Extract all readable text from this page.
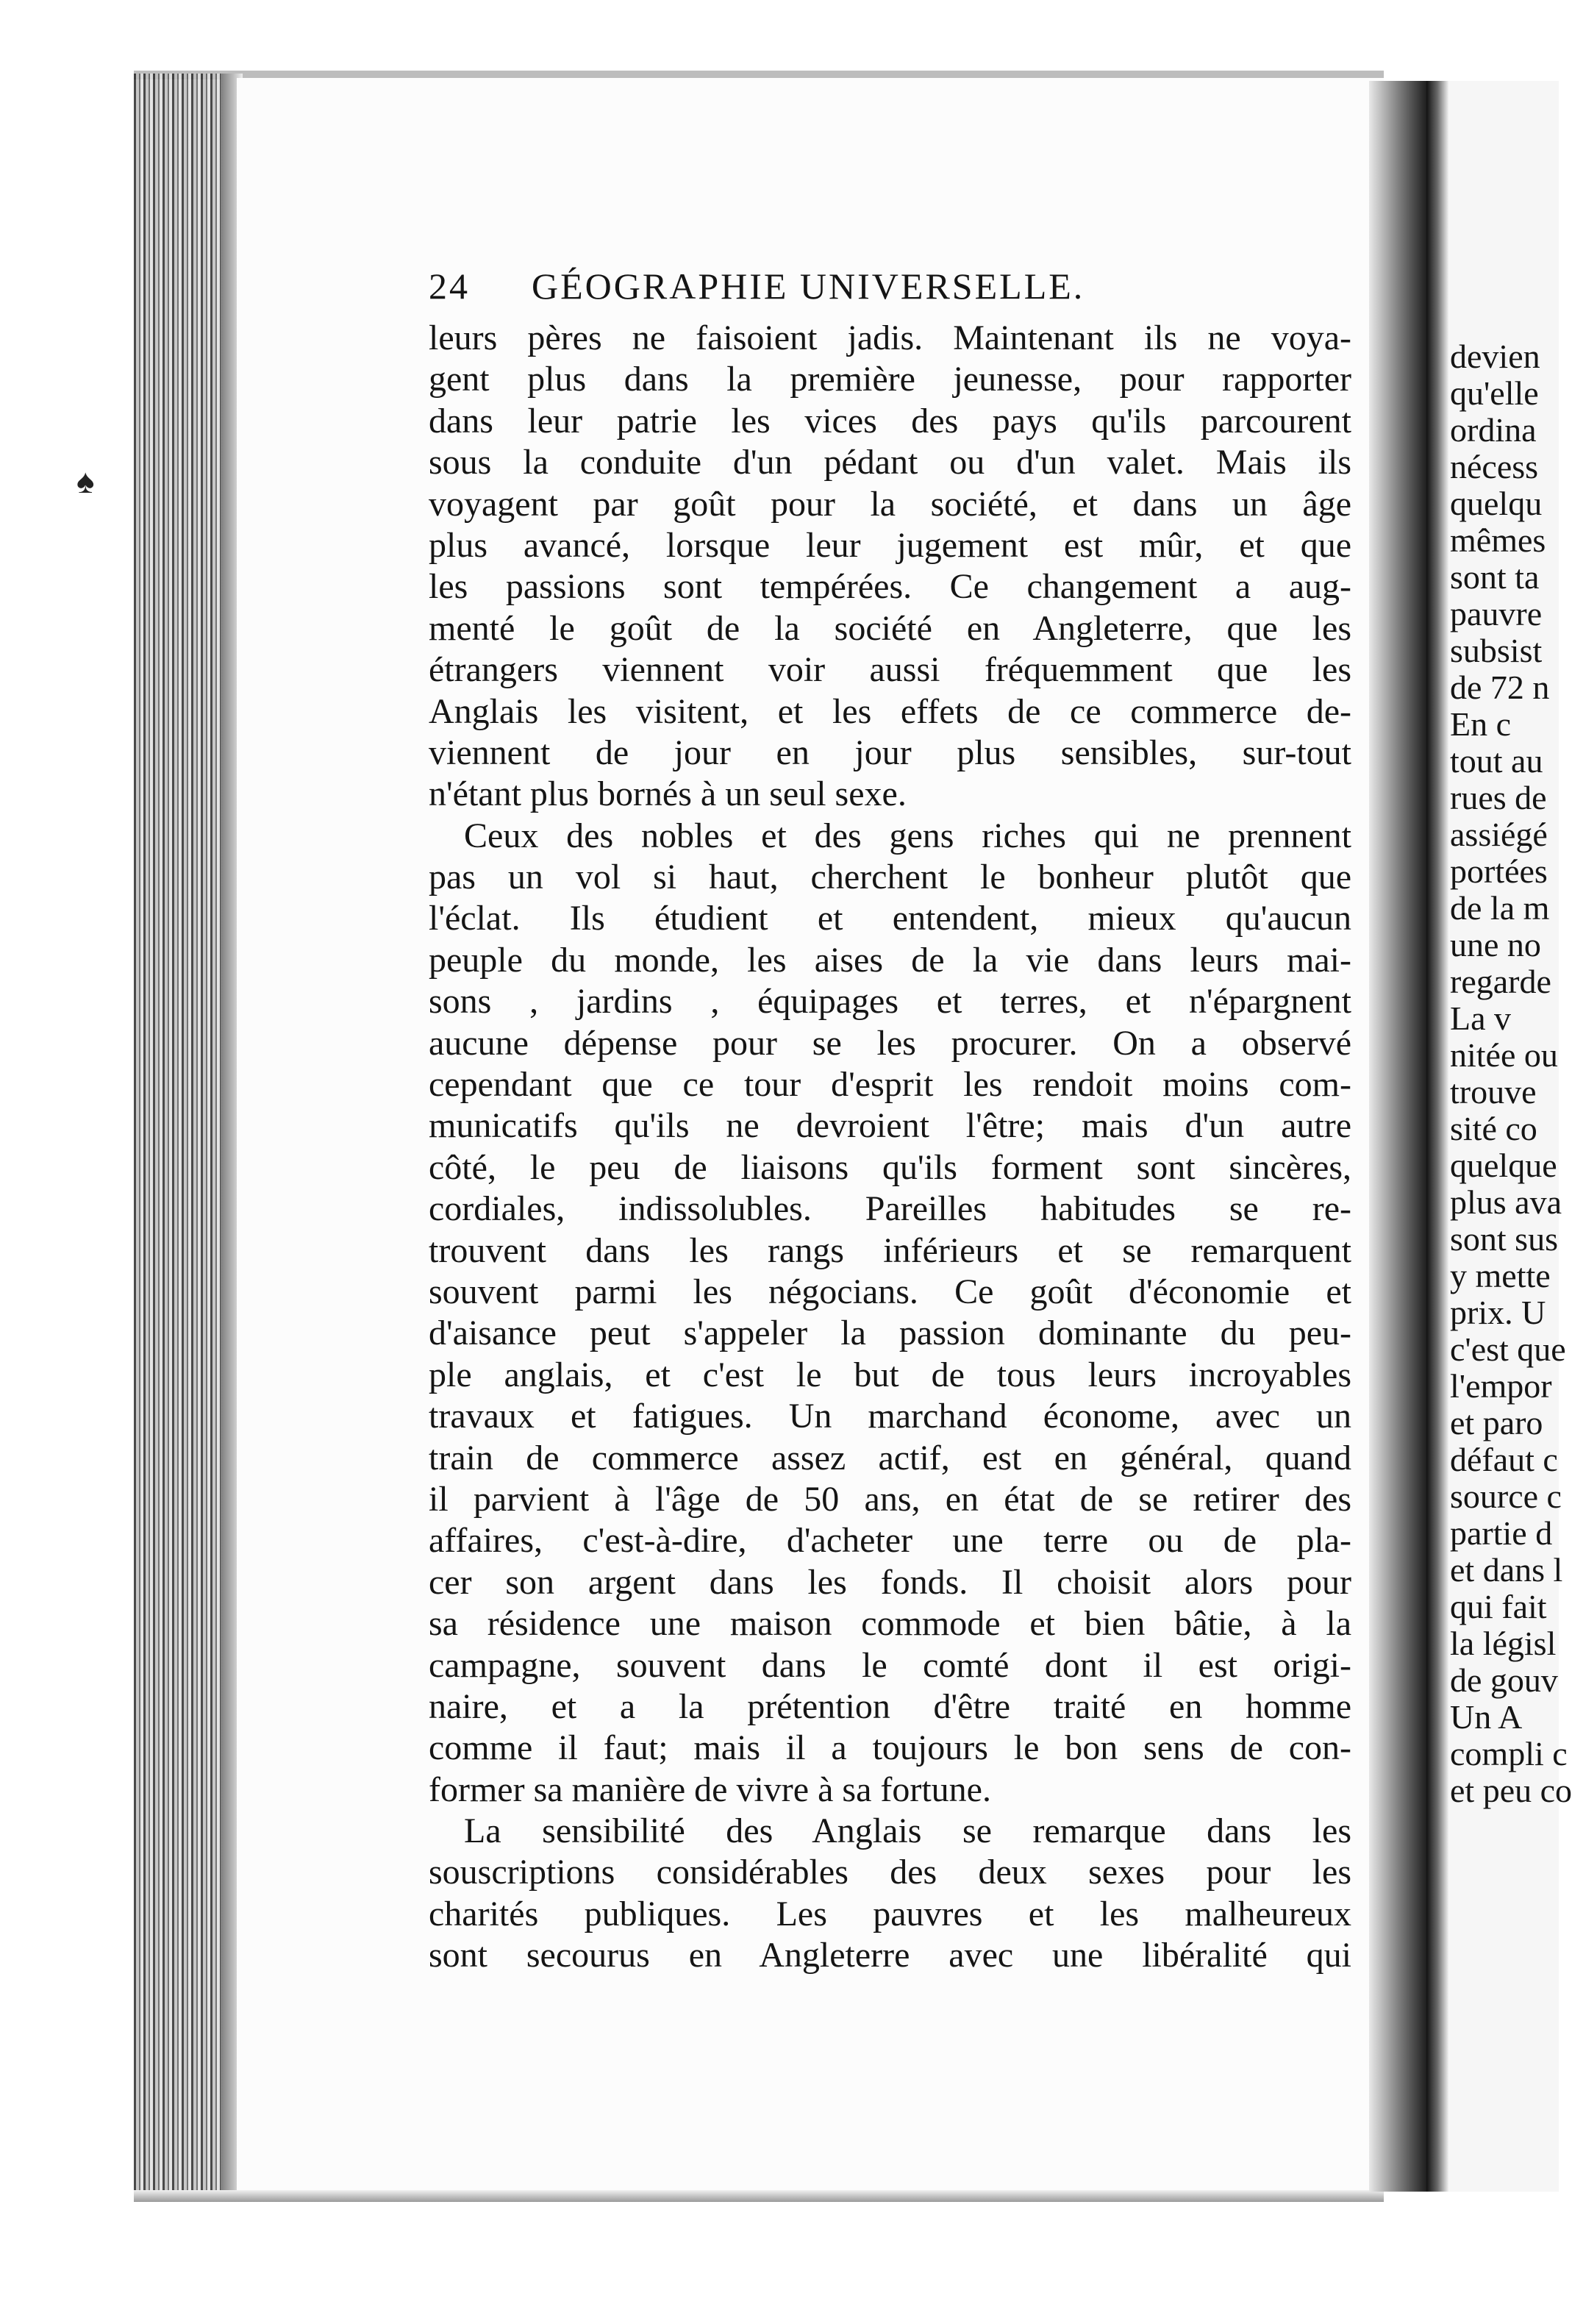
♠
24 GÉOGRAPHIE UNIVERSELLE.
leurs pères ne faisoient jadis. Maintenant ils ne voya-
gent plus dans la première jeunesse, pour rapporter
dans leur patrie les vices des pays qu'ils parcourent
sous la conduite d'un pédant ou d'un valet. Mais ils
voyagent par goût pour la société, et dans un âge
plus avancé, lorsque leur jugement est mûr, et que
les passions sont tempérées. Ce changement a aug-
menté le goût de la société en Angleterre, que les
étrangers viennent voir aussi fréquemment que les
Anglais les visitent, et les effets de ce commerce de-
viennent de jour en jour plus sensibles, sur-tout
n'étant plus bornés à un seul sexe.
Ceux des nobles et des gens riches qui ne prennent
pas un vol si haut, cherchent le bonheur plutôt que
l'éclat. Ils étudient et entendent, mieux qu'aucun
peuple du monde, les aises de la vie dans leurs mai-
sons , jardins , équipages et terres, et n'épargnent
aucune dépense pour se les procurer. On a observé
cependant que ce tour d'esprit les rendoit moins com-
municatifs qu'ils ne devroient l'être; mais d'un autre
côté, le peu de liaisons qu'ils forment sont sincères,
cordiales, indissolubles. Pareilles habitudes se re-
trouvent dans les rangs inférieurs et se remarquent
souvent parmi les négocians. Ce goût d'économie et
d'aisance peut s'appeler la passion dominante du peu-
ple anglais, et c'est le but de tous leurs incroyables
travaux et fatigues. Un marchand économe, avec un
train de commerce assez actif, est en général, quand
il parvient à l'âge de 50 ans, en état de se retirer des
affaires, c'est-à-dire, d'acheter une terre ou de pla-
cer son argent dans les fonds. Il choisit alors pour
sa résidence une maison commode et bien bâtie, à la
campagne, souvent dans le comté dont il est origi-
naire, et a la prétention d'être traité en homme
comme il faut; mais il a toujours le bon sens de con-
former sa manière de vivre à sa fortune.
La sensibilité des Anglais se remarque dans les
souscriptions considérables des deux sexes pour les
charités publiques. Les pauvres et les malheureux
sont secourus en Angleterre avec une libéralité qui
devien
qu'elle
ordina
nécess
quelqu
mêmes
sont ta
pauvre
subsist
de 72 n
En c
tout au
rues de
assiégé
portées
de la m
une no
regarde
La v
nitée ou
trouve
sité co
quelque
plus ava
sont sus
y mette
prix. U
c'est que
l'empor
et paro
défaut c
source c
partie d
et dans l
qui fait
la législ
de gouv
Un A
compli c
et peu co
